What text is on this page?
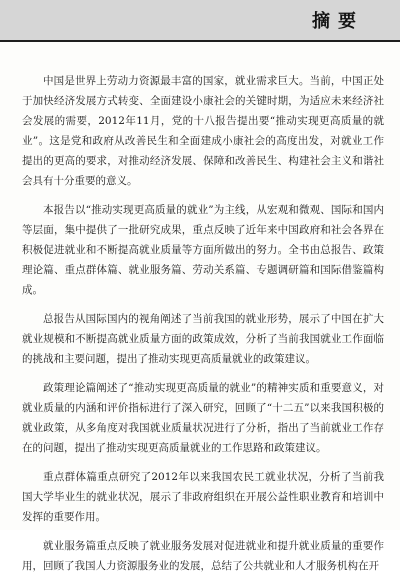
摘要

中国是世界上劳动力资源最丰富的国家，就业需求巨大。当前，中国正处于加快经济发展方式转变、全面建设小康社会的关键时期，为适应未来经济社会发展的需要，2012年11月，党的十八报告提出要“推动实现更高质量的就业”。这是党和政府从改善民生和全面建成小康社会的高度出发，对就业工作提出的更高的要求，对推动经济发展、保障和改善民生、构建社会主义和谐社会具有十分重要的意义。

本报告以“推动实现更高质量的就业”为主线，从宏观和微观、国际和国内等层面，集中提供了一批研究成果，重点反映了近年来中国政府和社会各界在积极促进就业和不断提高就业质量等方面所做出的努力。全书由总报告、政策理论篇、重点群体篇、就业服务篇、劳动关系篇、专题调研篇和国际借鉴篇构成。

总报告从国际国内的视角阐述了当前我国的就业形势，展示了中国在扩大就业规模和不断提高就业质量方面的政策成效，分析了当前我国就业工作面临的挑战和主要问题，提出了推动实现更高质量就业的政策建议。

政策理论篇阐述了“推动实现更高质量的就业”的精神实质和重要意义，对就业质量的内涵和评价指标进行了深入研究，回顾了“十二五”以来我国积极的就业政策，从多角度对我国就业质量状况进行了分析，指出了当前就业工作存在的问题，提出了推动实现更高质量就业的工作思路和政策建议。

重点群体篇重点研究了2012年以来我国农民工就业状况，分析了当前我国大学毕业生的就业状况，展示了非政府组织在开展公益性职业教育和培训中发挥的重要作用。

就业服务篇重点反映了就业服务发展对促进就业和提升就业质量的重要作用，回顾了我国人力资源服务业的发展，总结了公共就业和人才服务机构在开
